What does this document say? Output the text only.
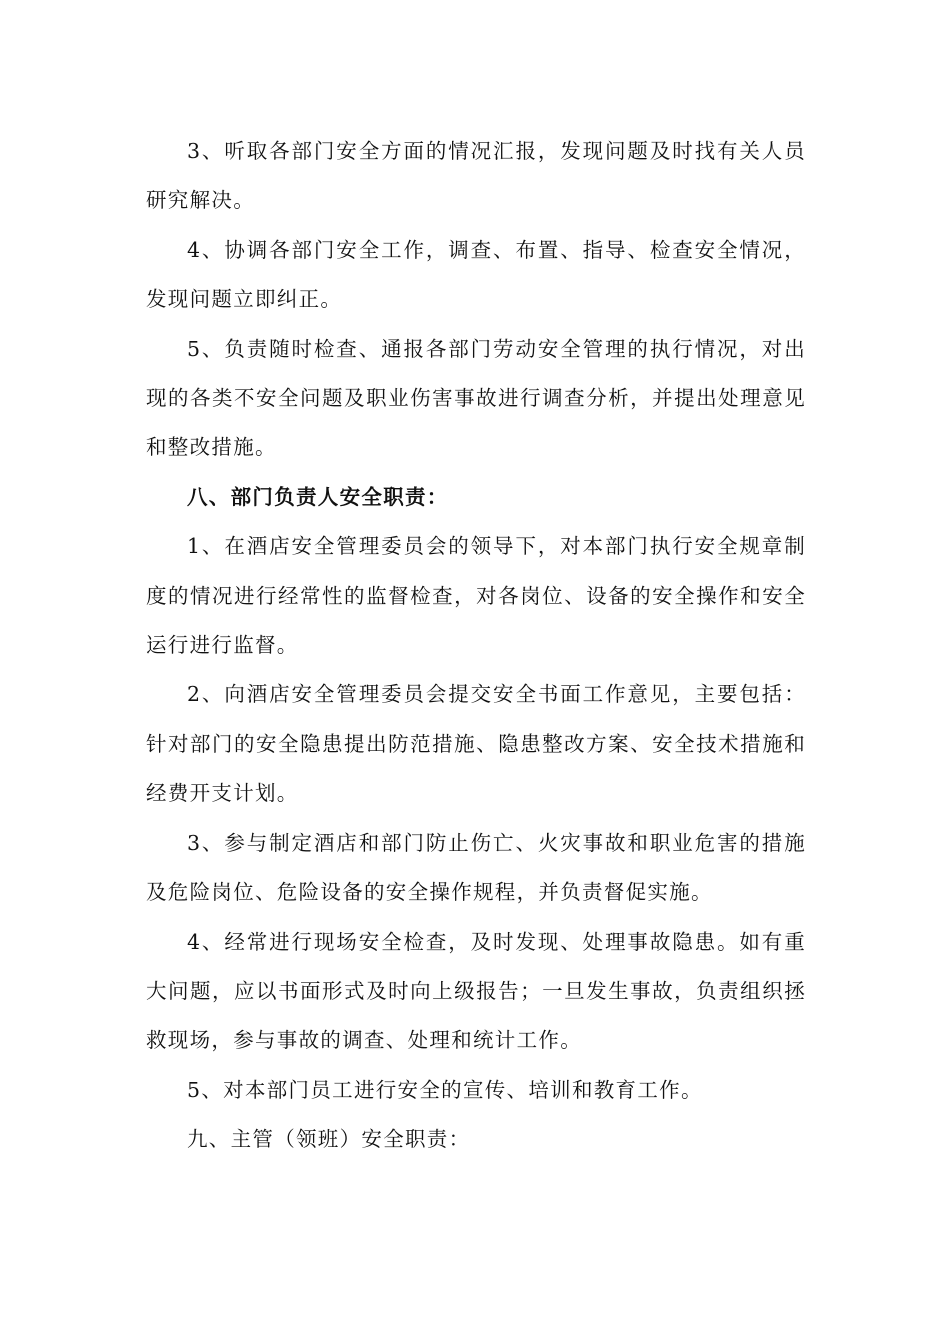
3、听取各部门安全方面的情况汇报，发现问题及时找有关人员研究解决。

4、协调各部门安全工作，调查、布置、指导、检查安全情况，发现问题立即纠正。

5、负责随时检查、通报各部门劳动安全管理的执行情况，对出现的各类不安全问题及职业伤害事故进行调查分析，并提出处理意见和整改措施。

八、部门负责人安全职责：

1、在酒店安全管理委员会的领导下，对本部门执行安全规章制度的情况进行经常性的监督检查，对各岗位、设备的安全操作和安全运行进行监督。

2、向酒店安全管理委员会提交安全书面工作意见，主要包括：针对部门的安全隐患提出防范措施、隐患整改方案、安全技术措施和经费开支计划。

3、参与制定酒店和部门防止伤亡、火灾事故和职业危害的措施及危险岗位、危险设备的安全操作规程，并负责督促实施。

4、经常进行现场安全检查，及时发现、处理事故隐患。如有重大问题，应以书面形式及时向上级报告；一旦发生事故，负责组织拯救现场，参与事故的调查、处理和统计工作。

5、对本部门员工进行安全的宣传、培训和教育工作。

九、主管（领班）安全职责：
